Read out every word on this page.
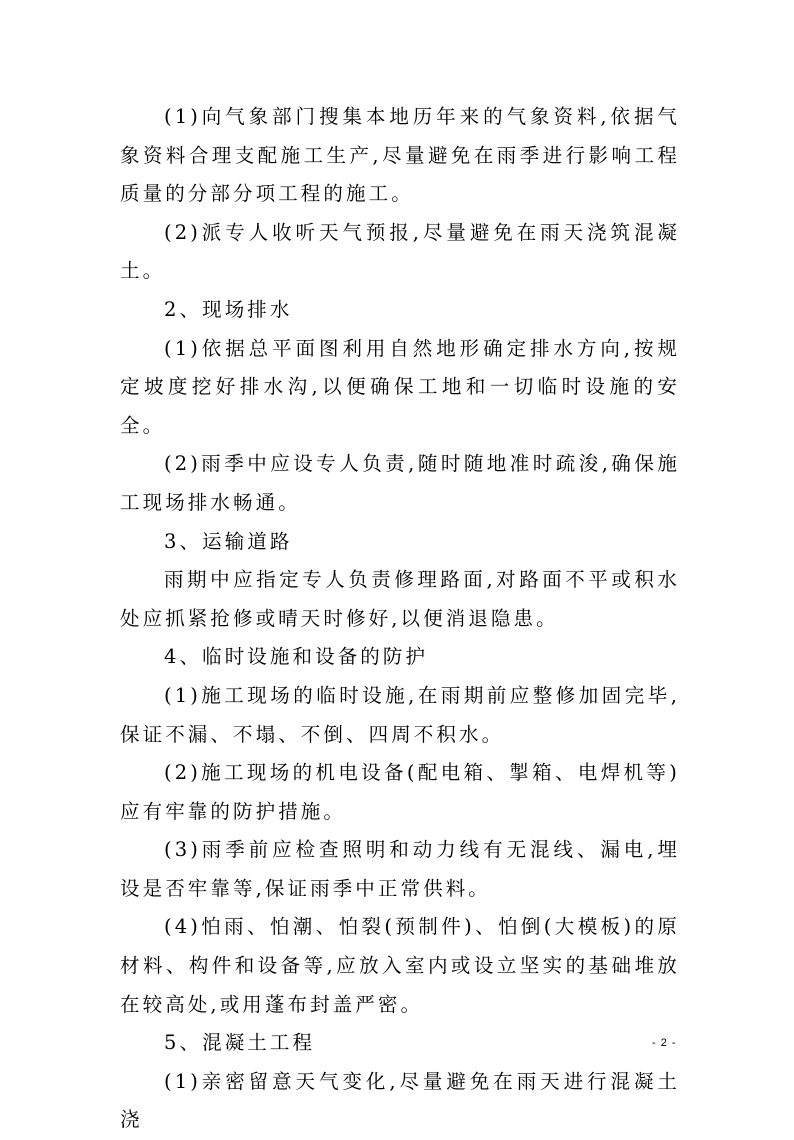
(1)向气象部门搜集本地历年来的气象资料,依据气象资料合理支配施工生产,尽量避免在雨季进行影响工程质量的分部分项工程的施工。

(2)派专人收听天气预报,尽量避免在雨天浇筑混凝土。

2、现场排水

(1)依据总平面图利用自然地形确定排水方向,按规定坡度挖好排水沟,以便确保工地和一切临时设施的安全。

(2)雨季中应设专人负责,随时随地准时疏浚,确保施工现场排水畅通。

3、运输道路

雨期中应指定专人负责修理路面,对路面不平或积水处应抓紧抢修或晴天时修好,以便消退隐患。

4、临时设施和设备的防护

(1)施工现场的临时设施,在雨期前应整修加固完毕,保证不漏、不塌、不倒、四周不积水。

(2)施工现场的机电设备(配电箱、掣箱、电焊机等)应有牢靠的防护措施。

(3)雨季前应检查照明和动力线有无混线、漏电,埋设是否牢靠等,保证雨季中正常供料。

(4)怕雨、怕潮、怕裂(预制件)、怕倒(大模板)的原材料、构件和设备等,应放入室内或设立坚实的基础堆放在较高处,或用蓬布封盖严密。

5、混凝土工程

(1)亲密留意天气变化,尽量避免在雨天进行混凝土浇

- 2 -
